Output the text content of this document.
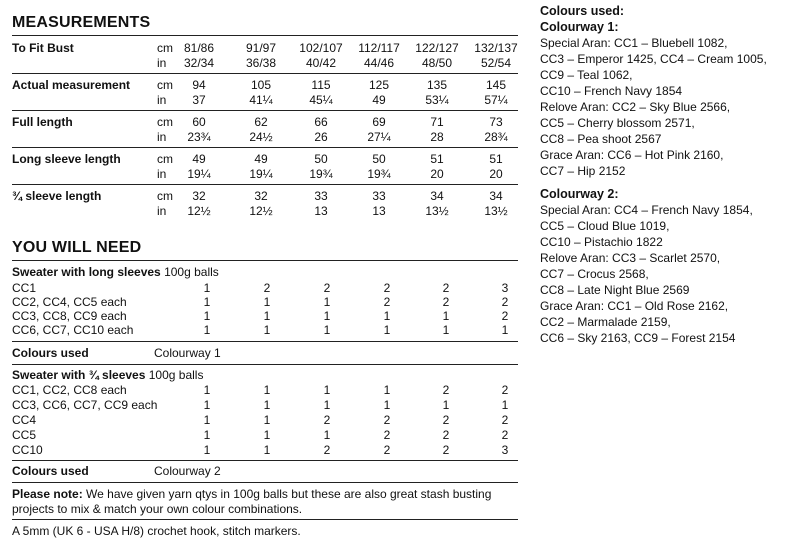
MEASUREMENTS
To Fit Bust	cm 81/86	91/97	102/107	112/117	122/127 132/137
in	32/34	36/38	40/42	44/46	48/50	52/54
Actual measurement cm	94	105	115	125	135	145
in	37	41¼	45¼	49	53¼	57¼
Full length	cm	60	62	66	69	71	73
in	23¾	24½	26	27¼	28	28¾
Long sleeve length	cm	49	49	50	50	51	51
in	19¼	19¼	19¾	19¾	20	20
¾ sleeve length	cm	32	32	33	33	34	34
in	12½	12½	13	13	13½	13½
YOU WILL NEED
Sweater with long sleeves 100g balls
CC1	1	2	2	2	2	3
CC2, CC4, CC5 each	1	1	1	2	2	2
CC3, CC8, CC9 each	1	1	1	1	1	2
CC6, CC7, CC10 each	1	1	1	1	1	1
Colours used	Colourway 1
Sweater with ¾ sleeves 100g balls
CC1, CC2, CC8 each	1	1	1	1	2	2
CC3, CC6, CC7, CC9 each	1	1	1	1	1	1
CC4	1	1	2	2	2	2
CC5	1	1	1	2	2	2
CC10	1	1	2	2	2	3
Colours used	Colourway 2
Please note: We have given yarn qtys in 100g balls but these are also great stash busting
projects to mix & match your own colour combinations.
A 5mm (UK 6 - USA H/8) crochet hook, stitch markers.
Colours used:
Colourway 1:
Special Aran: CC1 – Bluebell 1082,
CC3 – Emperor 1425, CC4 – Cream 1005,
CC9 – Teal 1062,
CC10 – French Navy 1854
Relove Aran: CC2 – Sky Blue 2566,
CC5 – Cherry blossom 2571,
CC8 – Pea shoot 2567
Grace Aran: CC6 – Hot Pink 2160,
CC7 – Hip 2152
Colourway 2:
Special Aran: CC4 – French Navy 1854,
CC5 – Cloud Blue 1019,
CC10 – Pistachio 1822
Relove Aran: CC3 – Scarlet 2570,
CC7 – Crocus 2568,
CC8 – Late Night Blue 2569
Grace Aran: CC1 – Old Rose 2162,
CC2 – Marmalade 2159,
CC6 – Sky 2163, CC9 – Forest 2154
